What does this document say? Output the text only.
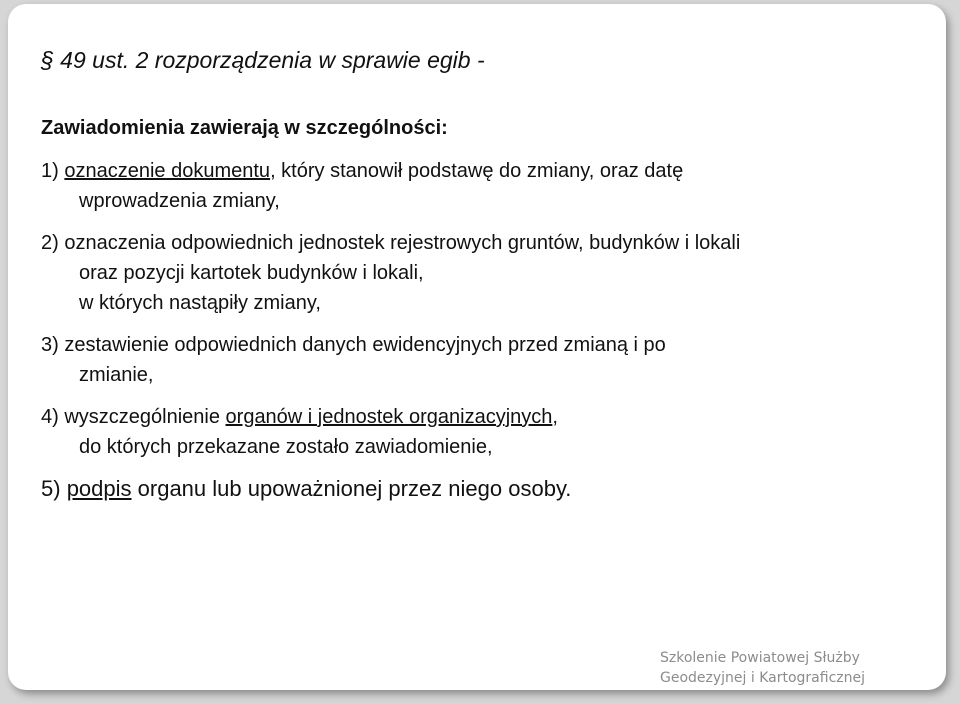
§ 49 ust. 2 rozporządzenia w sprawie egib -

Zawiadomienia zawierają w szczególności:

1) oznaczenie dokumentu, który stanowił podstawę do zmiany, oraz datę
wprowadzenia zmiany,
2) oznaczenia odpowiednich jednostek rejestrowych gruntów, budynków i lokali
oraz pozycji kartotek budynków i lokali,
w których nastąpiły zmiany,
3) zestawienie odpowiednich danych ewidencyjnych przed zmianą i po
zmianie,
4) wyszczególnienie organów i jednostek organizacyjnych,
do których przekazane zostało zawiadomienie,
5) podpis organu lub upoważnionej przez niego osoby.
Szkolenie Powiatowej Służby
Geodezyjnej i Kartograficznej
